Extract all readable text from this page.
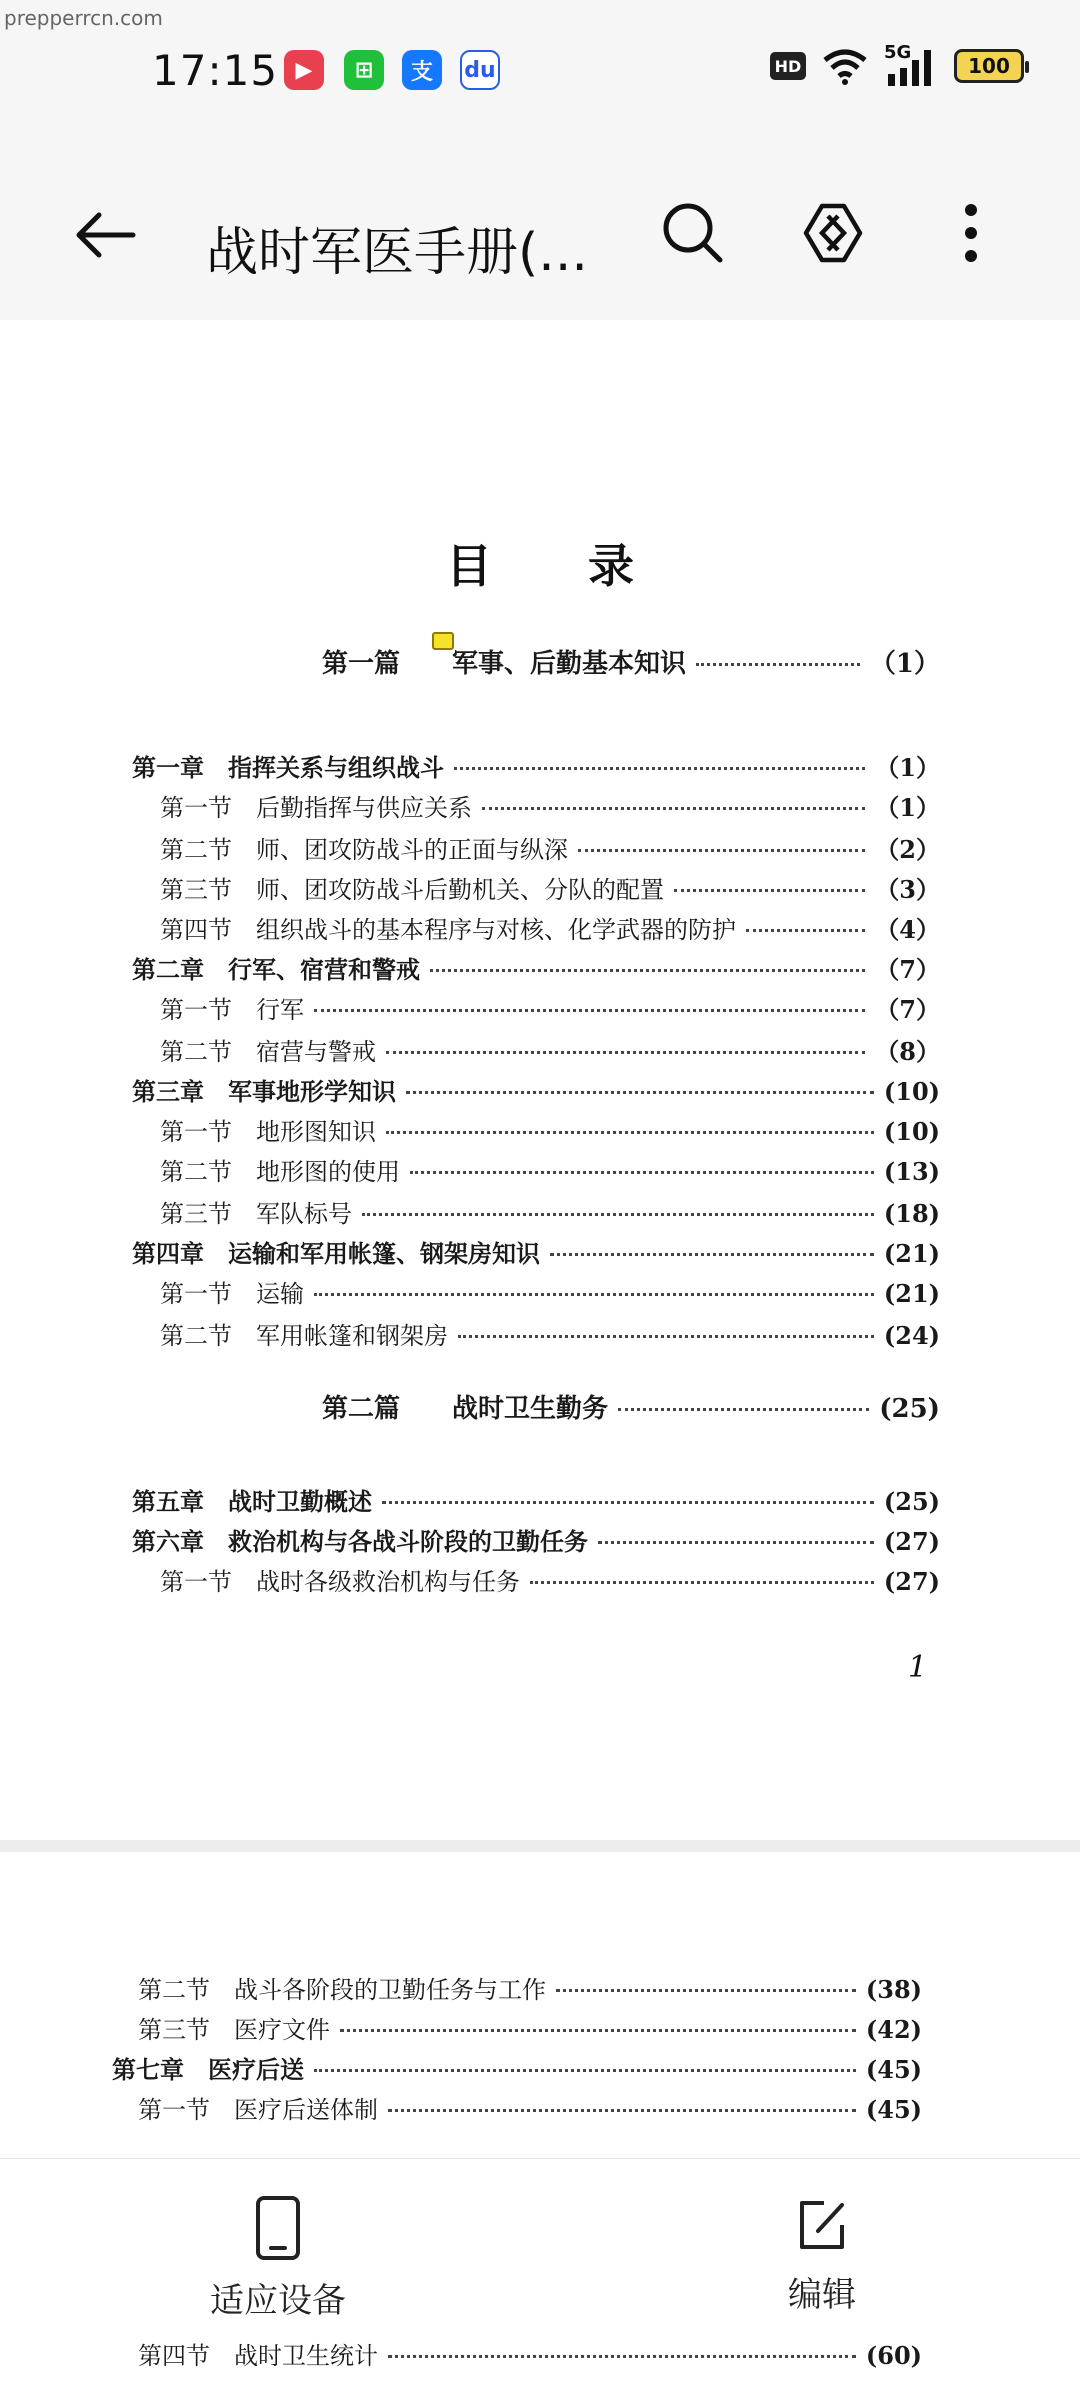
prepperrcn.com
17:15 ▶	⊞	支	du	HD
5G
100
战时军医手册(...
目 录
第一篇　　军事、后勤基本知识	（1）
第一章　指挥关系与组织战斗	（1）
第一节　后勤指挥与供应关系	（1）
第二节　师、团攻防战斗的正面与纵深	（2）
第三节　师、团攻防战斗后勤机关、分队的配置	（3）
第四节　组织战斗的基本程序与对核、化学武器的防护	（4）
第二章　行军、宿营和警戒	（7）
第一节　行军	（7）
第二节　宿营与警戒	（8）
第三章　军事地形学知识	(10)
第一节　地形图知识	(10)
第二节　地形图的使用	(13)
第三节　军队标号	(18)
第四章　运输和军用帐篷、钢架房知识	(21)
第一节　运输	(21)
第二节　军用帐篷和钢架房	(24)
第二篇　　战时卫生勤务	(25)
第五章　战时卫勤概述	(25)
第六章　救治机构与各战斗阶段的卫勤任务	(27)
第一节　战时各级救治机构与任务	(27)
1
第二节　战斗各阶段的卫勤任务与工作	(38)
第三节　医疗文件	(42)
第七章　医疗后送	(45)
第一节　医疗后送体制	(45)
第四节　战时卫生统计	(60)
适应设备	编辑
